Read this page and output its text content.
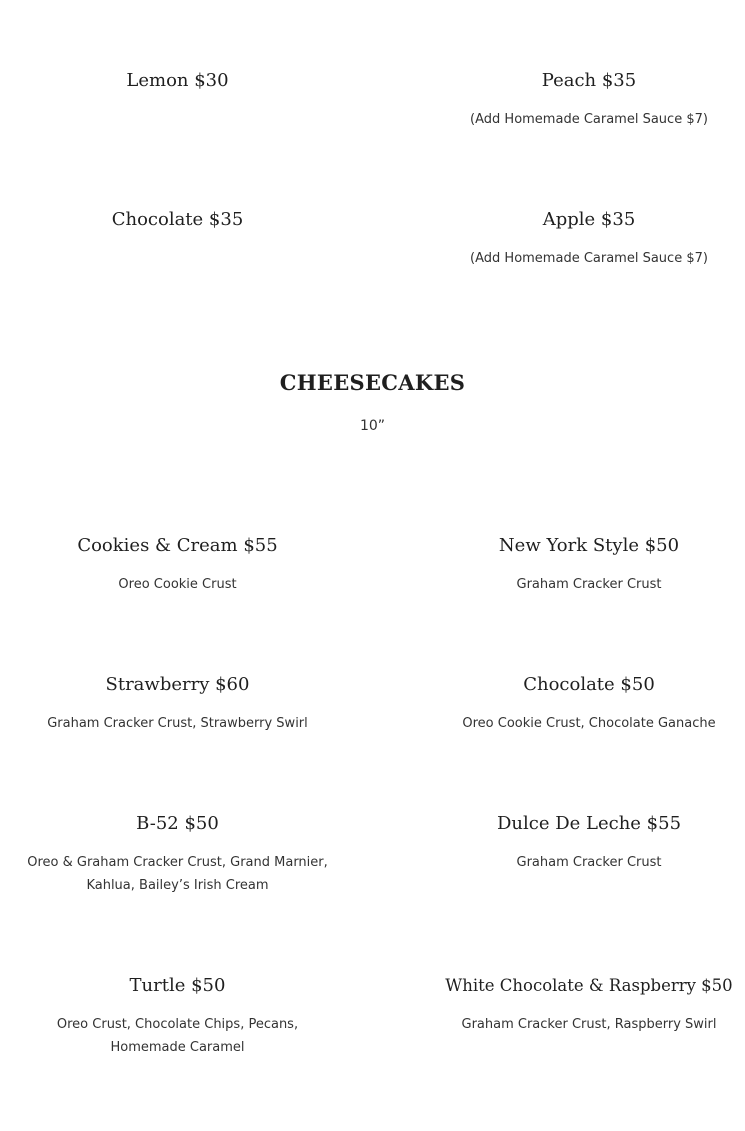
Lemon $30	Peach $35
(Add Homemade Caramel Sauce $7)
Chocolate $35	Apple $35
(Add Homemade Caramel Sauce $7)
CHEESECAKES
10”
Cookies & Cream $55
Oreo Cookie Crust
New York Style $50
Graham Cracker Crust
Strawberry $60
Graham Cracker Crust, Strawberry Swirl
Chocolate $50
Oreo Cookie Crust, Chocolate Ganache
B-52 $50
Oreo & Graham Cracker Crust, Grand Marnier,
Kahlua, Bailey’s Irish Cream
Dulce De Leche $55
Graham Cracker Crust
Turtle $50
Oreo Crust, Chocolate Chips, Pecans,
Homemade Caramel
White Chocolate & Raspberry $50
Graham Cracker Crust, Raspberry Swirl
